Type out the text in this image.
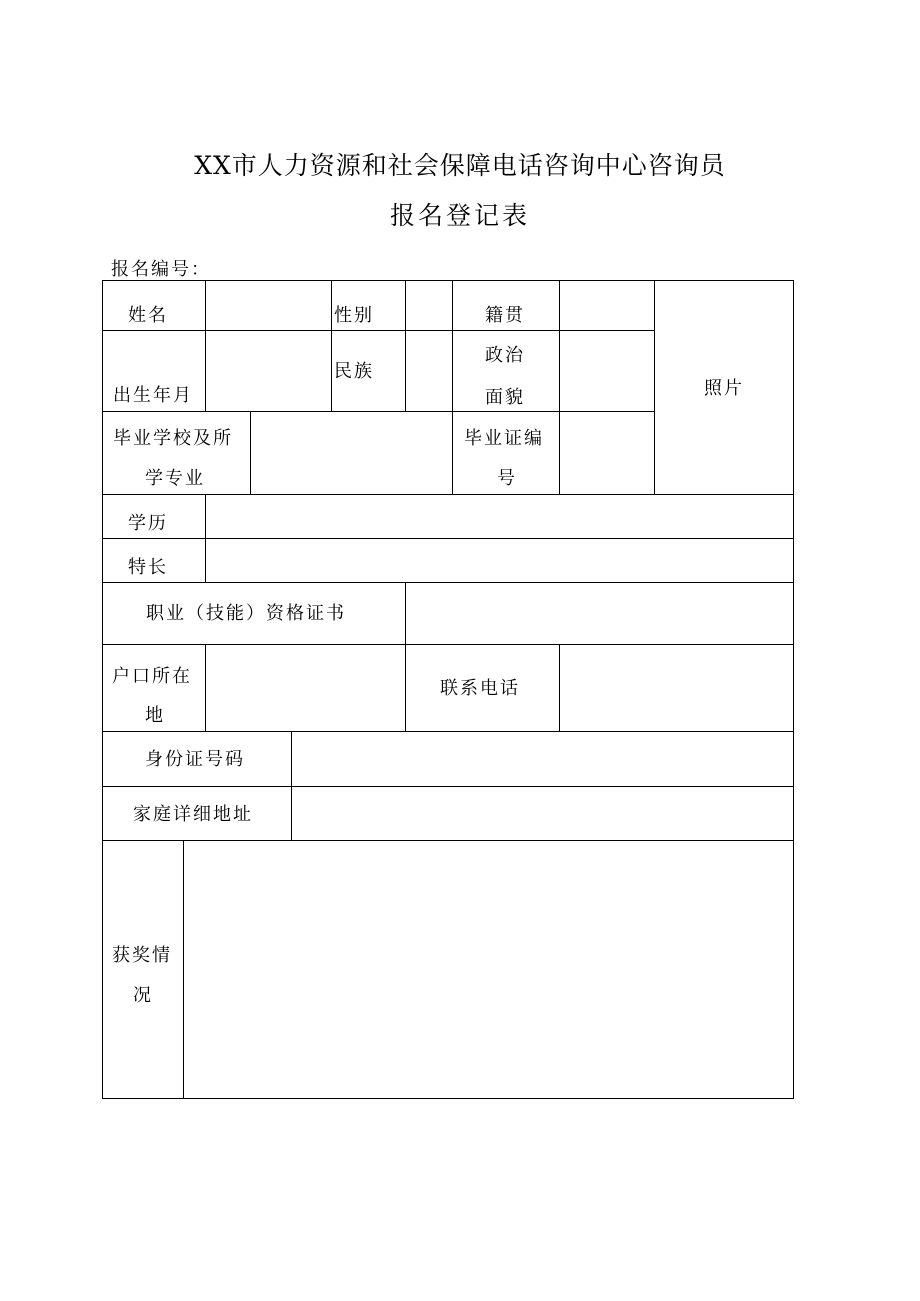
XX市人力资源和社会保障电话咨询中心咨询员
报名登记表
报名编号：
姓名	性别	籍贯
照片
出生年月
民族
政治
面貌
毕业学校及所
学专业
毕业证编
号
学历
特长
职业（技能）资格证书
户口所在
地
联系电话
身份证号码
家庭详细地址
获奖情
况
